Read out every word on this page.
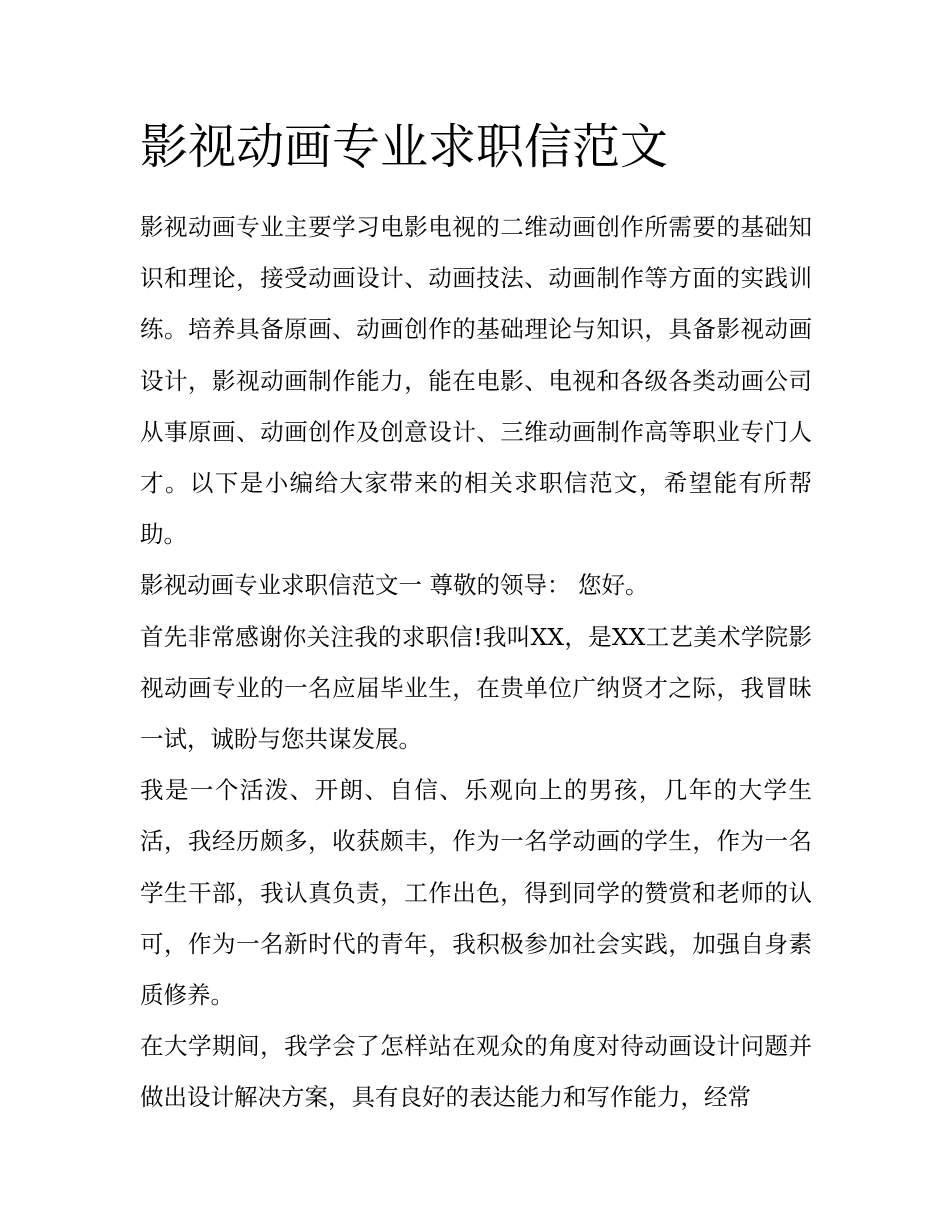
影视动画专业求职信范文

影视动画专业主要学习电影电视的二维动画创作所需要的基础知识和理论，接受动画设计、动画技法、动画制作等方面的实践训练。培养具备原画、动画创作的基础理论与知识，具备影视动画设计，影视动画制作能力，能在电影、电视和各级各类动画公司从事原画、动画创作及创意设计、三维动画制作高等职业专门人才。以下是小编给大家带来的相关求职信范文，希望能有所帮助。

影视动画专业求职信范文一 尊敬的领导： 您好。

首先非常感谢你关注我的求职信!我叫XX，是XX工艺美术学院影视动画专业的一名应届毕业生，在贵单位广纳贤才之际，我冒昧一试，诚盼与您共谋发展。

我是一个活泼、开朗、自信、乐观向上的男孩，几年的大学生活，我经历颇多，收获颇丰，作为一名学动画的学生，作为一名学生干部，我认真负责，工作出色，得到同学的赞赏和老师的认可，作为一名新时代的青年，我积极参加社会实践，加强自身素质修养。

在大学期间，我学会了怎样站在观众的角度对待动画设计问题并做出设计解决方案，具有良好的表达能力和写作能力，经常
